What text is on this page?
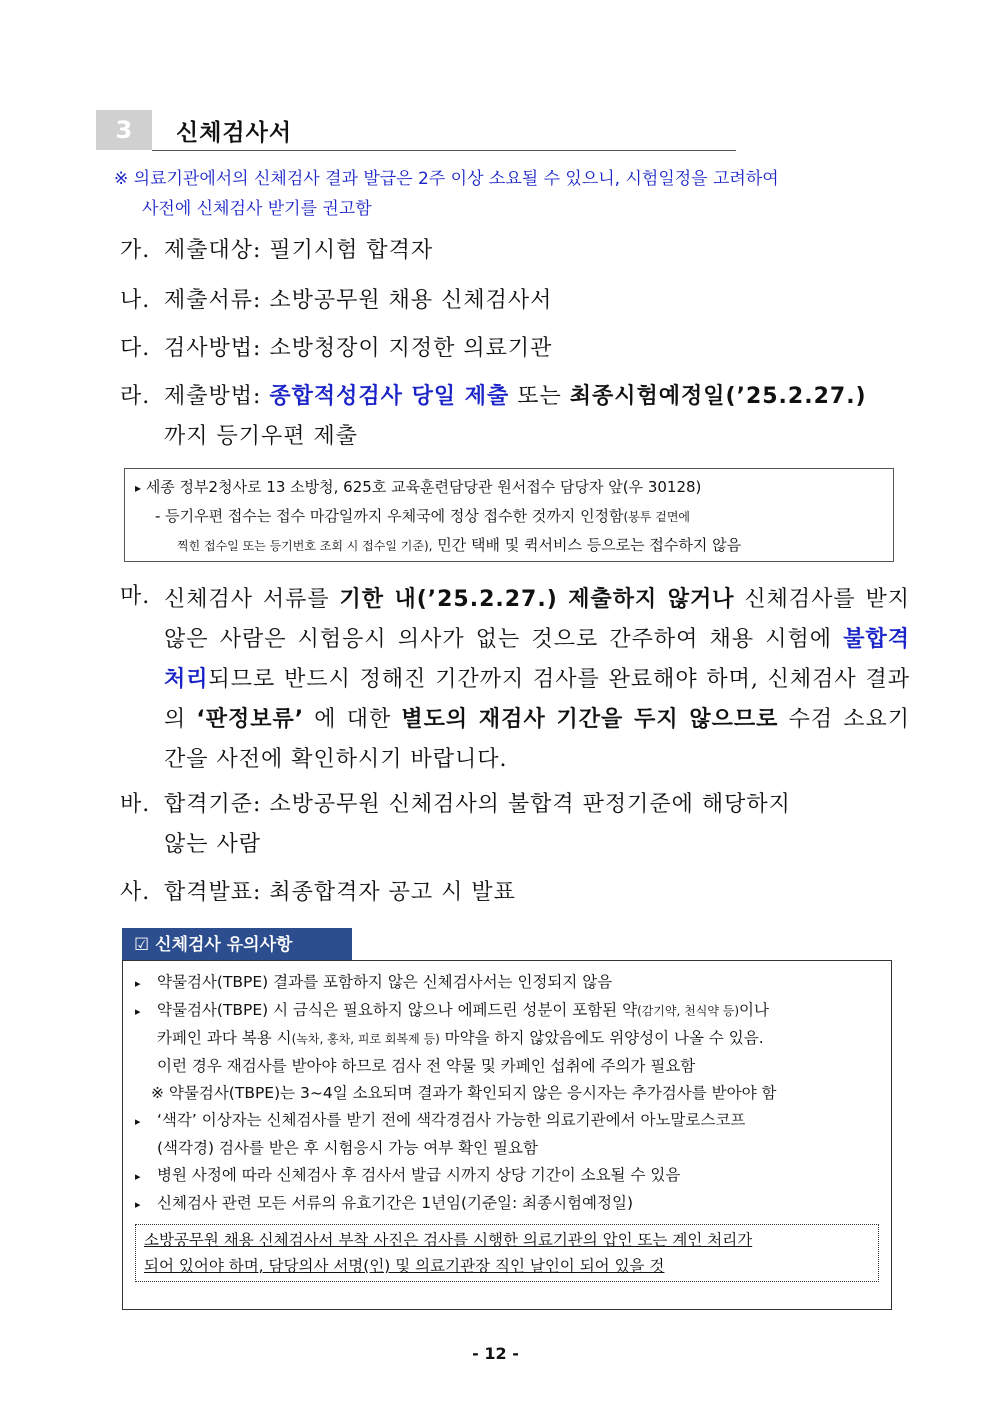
3	신체검사서
※ 의료기관에서의 신체검사 결과 발급은 2주 이상 소요될 수 있으니, 시험일정을 고려하여
사전에 신체검사 받기를 권고함
가. 제출대상: 필기시험 합격자
나. 제출서류: 소방공무원 채용 신체검사서
다. 검사방법: 소방청장이 지정한 의료기관
라. 제출방법: 종합적성검사 당일 제출 또는 최종시험예정일(’25.2.27.)
까지 등기우편 제출
▸ 세종 정부2청사로 13 소방청, 625호 교육훈련담당관 원서접수 담당자 앞(우 30128)
- 등기우편 접수는 접수 마감일까지 우체국에 정상 접수한 것까지 인정함(봉투 겉면에
찍힌 접수일 또는 등기번호 조회 시 접수일 기준), 민간 택배 및 퀵서비스 등으로는 접수하지 않음
마. 신체검사 서류를 기한 내(’25.2.27.) 제출하지 않거나 신체검사를 받지 않은 사람은 시험응시 의사가 없는 것으로 간주하여 채용 시험에 불합격 처리되므로 반드시 정해진 기간까지 검사를 완료해야 하며, 신체검사 결과의 ‘판정보류’ 에 대한 별도의 재검사 기간을 두지 않으므로 수검 소요기간을 사전에 확인하시기 바랍니다.

바. 합격기준: 소방공무원 신체검사의 불합격 판정기준에 해당하지
않는 사람
사. 합격발표: 최종합격자 공고 시 발표
☑ 신체검사 유의사항
▸ 약물검사(TBPE) 결과를 포함하지 않은 신체검사서는 인정되지 않음
▸ 약물검사(TBPE) 시 금식은 필요하지 않으나 에페드린 성분이 포함된 약(감기약, 천식약 등)이나
카페인 과다 복용 시(녹차, 홍차, 피로 회복제 등) 마약을 하지 않았음에도 위양성이 나올 수 있음.
이런 경우 재검사를 받아야 하므로 검사 전 약물 및 카페인 섭취에 주의가 필요함
※ 약물검사(TBPE)는 3~4일 소요되며 결과가 확인되지 않은 응시자는 추가검사를 받아야 함
▸ ‘색각’ 이상자는 신체검사를 받기 전에 색각경검사 가능한 의료기관에서 아노말로스코프
(색각경) 검사를 받은 후 시험응시 가능 여부 확인 필요함
▸ 병원 사정에 따라 신체검사 후 검사서 발급 시까지 상당 기간이 소요될 수 있음
▸ 신체검사 관련 모든 서류의 유효기간은 1년임(기준일: 최종시험예정일)
소방공무원 채용 신체검사서 부착 사진은 검사를 시행한 의료기관의 압인 또는 계인 처리가
되어 있어야 하며, 담당의사 서명(인) 및 의료기관장 직인 날인이 되어 있을 것
- 12 -
